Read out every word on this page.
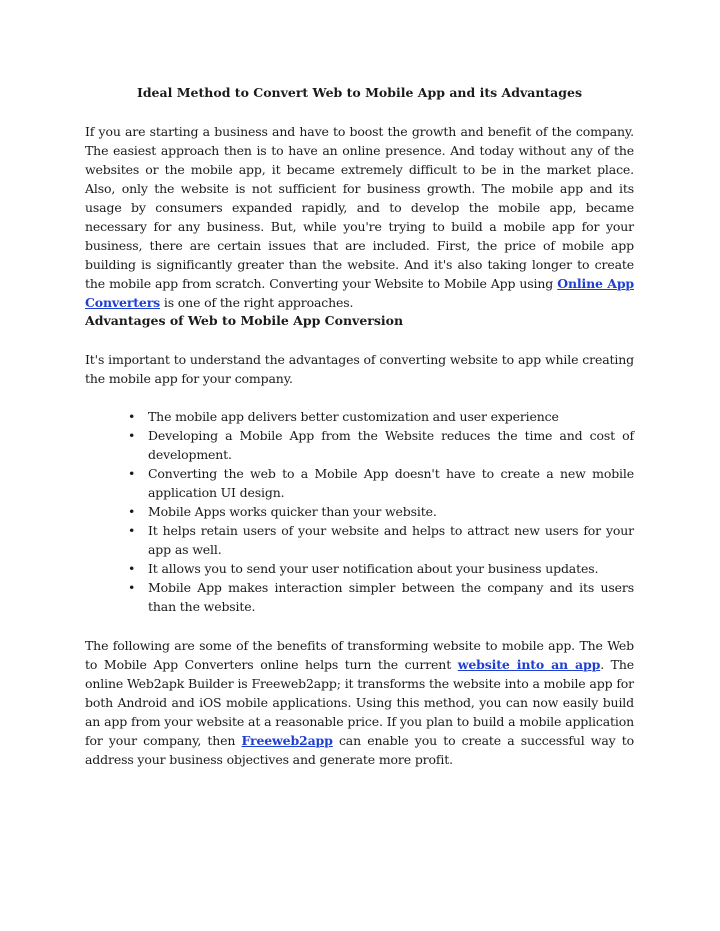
Ideal Method to Convert Web to Mobile App and its Advantages

If you are starting a business and have to boost the growth and benefit of the company. The easiest approach then is to have an online presence. And today without any of the websites or the mobile app, it became extremely difficult to be in the market place. Also, only the website is not sufficient for business growth. The mobile app and its usage by consumers expanded rapidly, and to develop the mobile app, became necessary for any business. But, while you're trying to build a mobile app for your business, there are certain issues that are included. First, the price of mobile app building is significantly greater than the website. And it's also taking longer to create the mobile app from scratch. Converting your Website to Mobile App using Online App Converters is one of the right approaches.

Advantages of Web to Mobile App Conversion

It's important to understand the advantages of converting website to app while creating the mobile app for your company.

• The mobile app delivers better customization and user experience
• Developing a Mobile App from the Website reduces the time and cost of development.
• Converting the web to a Mobile App doesn't have to create a new mobile application UI design.
• Mobile Apps works quicker than your website.
• It helps retain users of your website and helps to attract new users for your app as well.
• It allows you to send your user notification about your business updates.
• Mobile App makes interaction simpler between the company and its users than the website.

The following are some of the benefits of transforming website to mobile app. The Web to Mobile App Converters online helps turn the current website into an app. The online Web2apk Builder is Freeweb2app; it transforms the website into a mobile app for both Android and iOS mobile applications. Using this method, you can now easily build an app from your website at a reasonable price. If you plan to build a mobile application for your company, then Freeweb2app can enable you to create a successful way to address your business objectives and generate more profit.
